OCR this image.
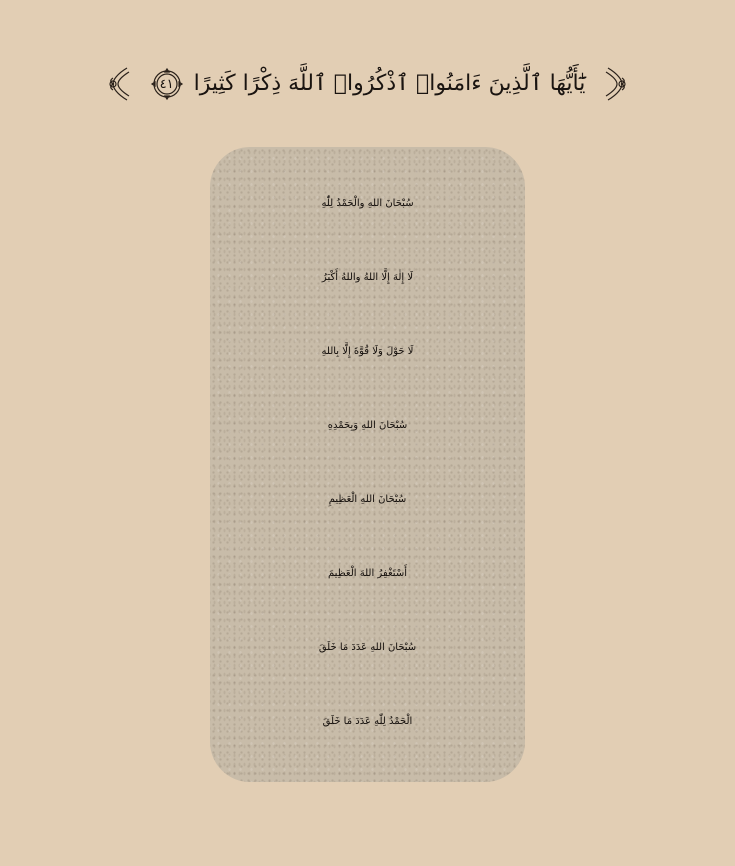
يَٰٓأَيُّهَا ٱلَّذِينَ ءَامَنُوا۟ ٱذْكُرُوا۟ ٱللَّهَ ذِكْرًا كَثِيرًا
٤١
سُبْحَانَ اللهِ والْحَمْدُ لِلّٰهِ
لَا إِلٰهَ إِلَّا اللهُ واللهُ أَكْبَرُ
لَا حَوْلَ وَلَا قُوَّةَ إِلَّا بِاللهِ
سُبْحَانَ اللهِ وَبِحَمْدِهِ
سُبْحَانَ اللهِ الْعَظِيمِ
أَسْتَغْفِرُ اللهَ الْعَظِيمَ
سُبْحَانَ اللهِ عَدَدَ مَا خَلَقَ
الْحَمْدُ لِلّٰهِ عَدَدَ مَا خَلَقَ
